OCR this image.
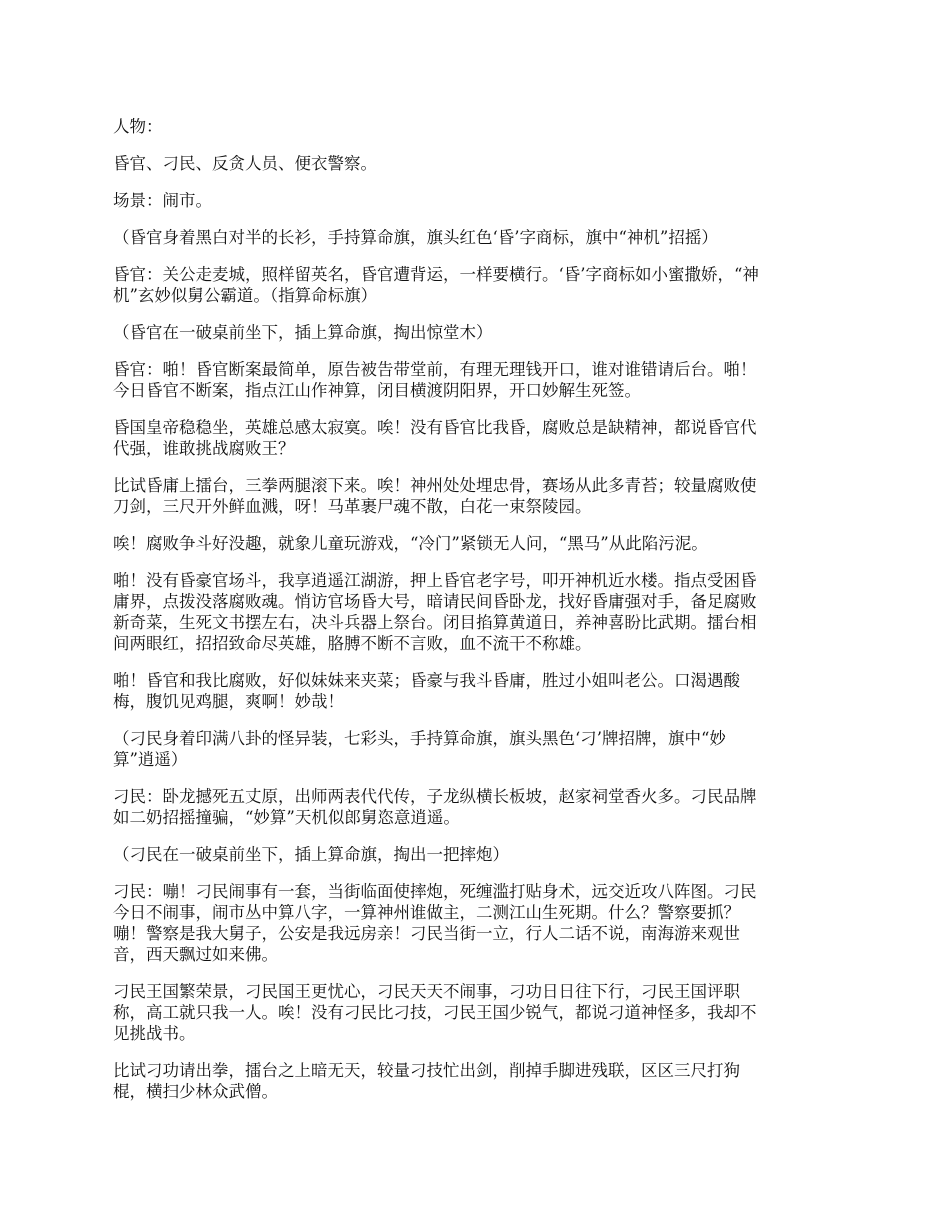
人物：

昏官、刁民、反贪人员、便衣警察。

场景：闹市。

（昏官身着黑白对半的长衫，手持算命旗，旗头红色‘昏’字商标，旗中“神机”招摇）

昏官：关公走麦城，照样留英名，昏官遭背运，一样要横行。‘昏’字商标如小蜜撒娇，“神
机”玄妙似舅公霸道。（指算命标旗）

（昏官在一破桌前坐下，插上算命旗，掏出惊堂木）

昏官：啪！昏官断案最简单，原告被告带堂前，有理无理钱开口，谁对谁错请后台。啪！
今日昏官不断案，指点江山作神算，闭目横渡阴阳界，开口妙解生死签。

昏国皇帝稳稳坐，英雄总感太寂寞。唉！没有昏官比我昏，腐败总是缺精神，都说昏官代
代强，谁敢挑战腐败王？

比试昏庸上擂台，三拳两腿滚下来。唉！神州处处埋忠骨，赛场从此多青苔；较量腐败使
刀剑，三尺开外鲜血溅，呀！马革裹尸魂不散，白花一束祭陵园。

唉！腐败争斗好没趣，就象儿童玩游戏，“冷门”紧锁无人问，“黑马”从此陷污泥。

啪！没有昏豪官场斗，我享逍遥江湖游，押上昏官老字号，叩开神机近水楼。指点受困昏
庸界，点拨没落腐败魂。悄访官场昏大号，暗请民间昏卧龙，找好昏庸强对手，备足腐败
新奇菜，生死文书摆左右，决斗兵器上祭台。闭目掐算黄道日，养神喜盼比武期。擂台相
间两眼红，招招致命尽英雄，胳膊不断不言败，血不流干不称雄。

啪！昏官和我比腐败，好似妹妹来夹菜；昏豪与我斗昏庸，胜过小姐叫老公。口渴遇酸
梅，腹饥见鸡腿，爽啊！妙哉！

（刁民身着印满八卦的怪异装，七彩头，手持算命旗，旗头黑色‘刁’牌招牌，旗中“妙
算”逍遥）

刁民：卧龙撼死五丈原，出师两表代代传，子龙纵横长板坡，赵家祠堂香火多。刁民品牌
如二奶招摇撞骗，“妙算”天机似郎舅恣意逍遥。

（刁民在一破桌前坐下，插上算命旗，掏出一把摔炮）

刁民：嘣！刁民闹事有一套，当街临面使摔炮，死缠滥打贴身术，远交近攻八阵图。刁民
今日不闹事，闹市丛中算八字，一算神州谁做主，二测江山生死期。什么？警察要抓？
嘣！警察是我大舅子，公安是我远房亲！刁民当街一立，行人二话不说，南海游来观世
音，西天飘过如来佛。

刁民王国繁荣景，刁民国王更忧心，刁民天天不闹事，刁功日日往下行，刁民王国评职
称，高工就只我一人。唉！没有刁民比刁技，刁民王国少锐气，都说刁道神怪多，我却不
见挑战书。

比试刁功请出拳，擂台之上暗无天，较量刁技忙出剑，削掉手脚进残联，区区三尺打狗
棍，横扫少林众武僧。
